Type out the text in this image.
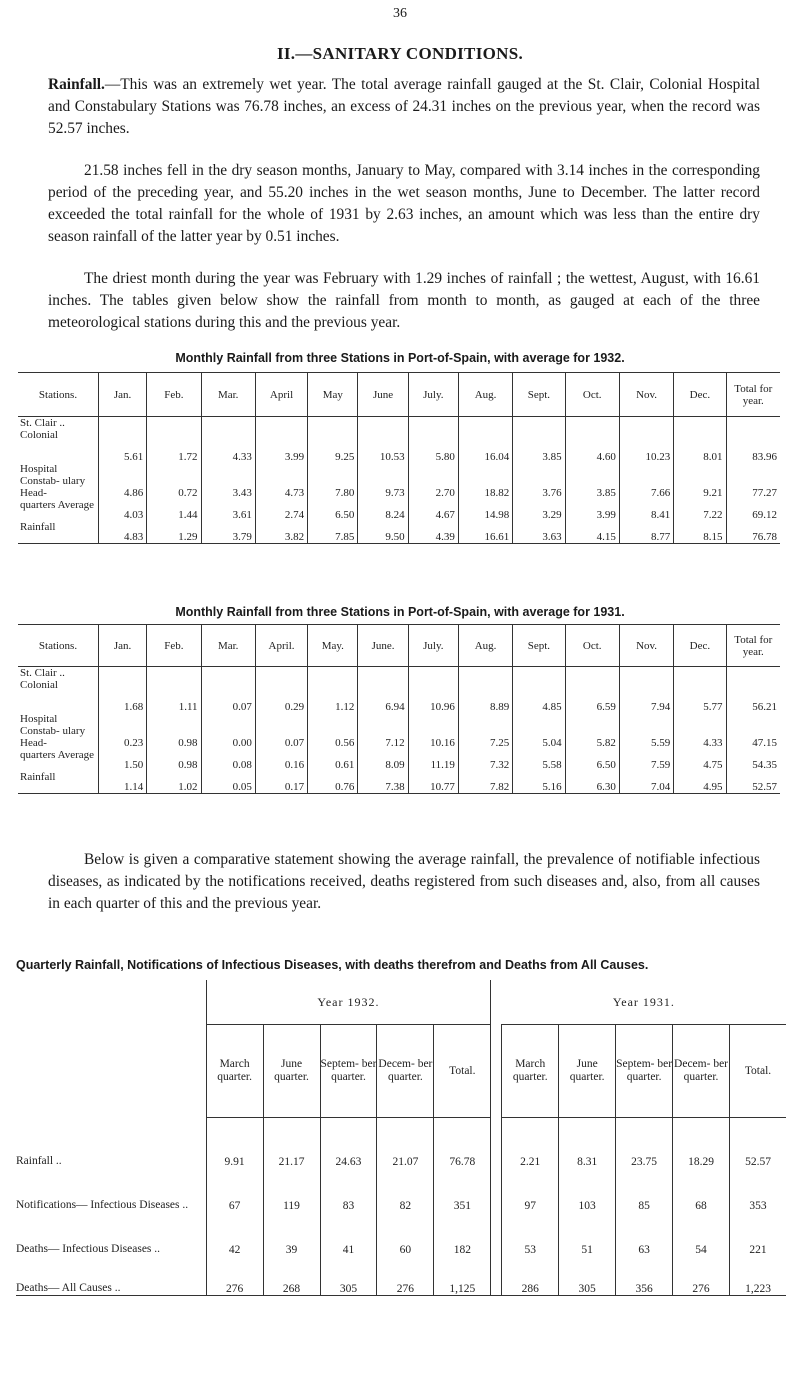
36
II.—SANITARY CONDITIONS.
Rainfall.—This was an extremely wet year. The total average rainfall gauged at the St. Clair, Colonial Hospital and Constabulary Stations was 76.78 inches, an excess of 24.31 inches on the previous year, when the record was 52.57 inches.
21.58 inches fell in the dry season months, January to May, compared with 3.14 inches in the corresponding period of the preceding year, and 55.20 inches in the wet season months, June to December. The latter record exceeded the total rainfall for the whole of 1931 by 2.63 inches, an amount which was less than the entire dry season rainfall of the latter year by 0.51 inches.
The driest month during the year was February with 1.29 inches of rainfall ; the wettest, August, with 16.61 inches. The tables given below show the rainfall from month to month, as gauged at each of the three meteorological stations during this and the previous year.
Monthly Rainfall from three Stations in Port-of-Spain, with average for 1932.
Stations.	Jan.	Feb.	Mar.	April	May	June	July.	Aug.	Sept.	Oct.	Nov.	Dec.	Total for year.
St. Clair .. Colonial	5.61	1.72	4.33	3.99	9.25	10.53	5.80	16.04	3.85	4.60	10.23	8.01	83.96
Hospital Constab- ulary Head-	4.86	0.72	3.43	4.73	7.80	9.73	2.70	18.82	3.76	3.85	7.66	9.21	77.27
quarters Average	4.03	1.44	3.61	2.74	6.50	8.24	4.67	14.98	3.29	3.99	8.41	7.22	69.12
Rainfall	4.83	1.29	3.79	3.82	7.85	9.50	4.39	16.61	3.63	4.15	8.77	8.15	76.78
Monthly Rainfall from three Stations in Port-of-Spain, with average for 1931.
Stations.	Jan.	Feb.	Mar.	April.	May.	June.	July.	Aug.	Sept.	Oct.	Nov.	Dec.	Total for year.
St. Clair .. Colonial	1.68	1.11	0.07	0.29	1.12	6.94	10.96	8.89	4.85	6.59	7.94	5.77	56.21
Hospital Constab- ulary Head-	0.23	0.98	0.00	0.07	0.56	7.12	10.16	7.25	5.04	5.82	5.59	4.33	47.15
quarters Average	1.50	0.98	0.08	0.16	0.61	8.09	11.19	7.32	5.58	6.50	7.59	4.75	54.35
Rainfall	1.14	1.02	0.05	0.17	0.76	7.38	10.77	7.82	5.16	6.30	7.04	4.95	52.57
Below is given a comparative statement showing the average rainfall, the prevalence of notifiable infectious diseases, as indicated by the notifications received, deaths registered from such diseases and, also, from all causes in each quarter of this and the previous year.
Quarterly Rainfall, Notifications of Infectious Diseases, with deaths therefrom and Deaths from All Causes.
	Year 1932.						Year 1931.				
	March quarter.	June quarter.	Septem- ber quarter.	Decem- ber quarter.	Total.		March quarter.	June quarter.	Septem- ber quarter.	Decem- ber quarter.	Total.
Rainfall ..	9.91	21.17	24.63	21.07	76.78		2.21	8.31	23.75	18.29	52.57
Notifications— Infectious Diseases ..	67	119	83	82	351		97	103	85	68	353
Deaths— Infectious Diseases ..	42	39	41	60	182		53	51	63	54	221
Deaths— All Causes ..	276	268	305	276	1,125		286	305	356	276	1,223
